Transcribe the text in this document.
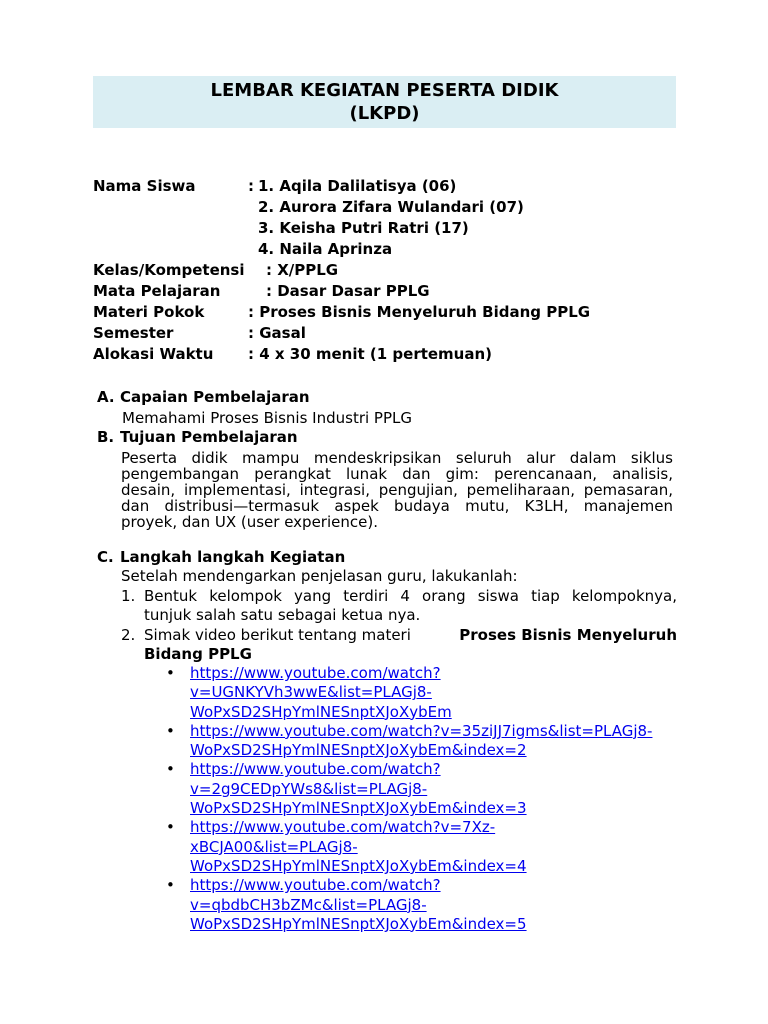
LEMBAR KEGIATAN PESERTA DIDIK
(LKPD)
Nama Siswa	: 1. Aqila Dalilatisya (06)
2. Aurora Zifara Wulandari (07)
3. Keisha Putri Ratri (17)
4. Naila Aprinza
Kelas/Kompetensi : X/PPLG
Mata Pelajaran	: Dasar Dasar PPLG
Materi Pokok	: Proses Bisnis Menyeluruh Bidang PPLG
Semester	: Gasal
Alokasi Waktu : 4 x 30 menit (1 pertemuan)
A. Capaian Pembelajaran
Memahami Proses Bisnis Industri PPLG
B. Tujuan Pembelajaran
Peserta didik mampu mendeskripsikan seluruh alur dalam siklus
pengembangan perangkat lunak dan gim: perencanaan, analisis,
desain, implementasi, integrasi, pengujian, pemeliharaan, pemasaran,
dan distribusi—termasuk aspek budaya mutu, K3LH, manajemen
proyek, dan UX (user experience).
C. Langkah langkah Kegiatan
Setelah mendengarkan penjelasan guru, lakukanlah:
1. Bentuk kelompok yang terdiri 4 orang siswa tiap kelompoknya,
tunjuk salah satu sebagai ketua nya.
2. Simak video berikut tentang materi	Proses Bisnis Menyeluruh
Bidang PPLG
• https://www.youtube.com/watch?
v=UGNKYVh3wwE&list=PLAGj8-
WoPxSD2SHpYmlNESnptXJoXybEm
• https://www.youtube.com/watch?v=35ziJJ7igms&list=PLAGj8-
WoPxSD2SHpYmlNESnptXJoXybEm&index=2
• https://www.youtube.com/watch?
v=2g9CEDpYWs8&list=PLAGj8-
WoPxSD2SHpYmlNESnptXJoXybEm&index=3
• https://www.youtube.com/watch?v=7Xz-
xBCJA00&list=PLAGj8-
WoPxSD2SHpYmlNESnptXJoXybEm&index=4
• https://www.youtube.com/watch?
v=qbdbCH3bZMc&list=PLAGj8-
WoPxSD2SHpYmlNESnptXJoXybEm&index=5
